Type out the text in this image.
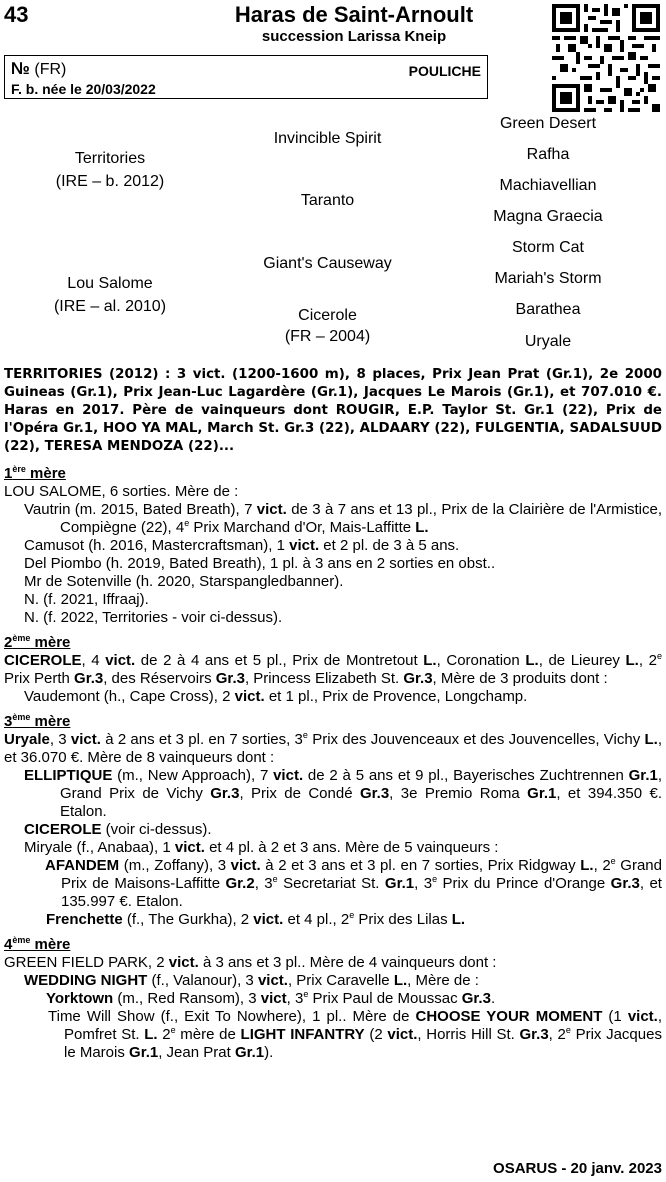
43	Haras de Saint-Arnoult
succession Larissa Kneip
№ (FR)	POULICHE
F. b. née le 20/03/2022
Territories
(IRE – b. 2012)
Lou Salome
(IRE – al. 2010)
Invincible Spirit
Taranto
Giant's Causeway
Cicerole
(FR – 2004)
Green Desert
Rafha
Machiavellian
Magna Graecia
Storm Cat
Mariah's Storm
Barathea
Uryale

TERRITORIES (2012) : 3 vict. (1200-1600 m), 8 places, Prix Jean Prat (Gr.1), 2e 2000 Guineas (Gr.1), Prix Jean-Luc Lagardère (Gr.1), Jacques Le Marois (Gr.1), et 707.010 €. Haras en 2017. Père de vainqueurs dont ROUGIR, E.P. Taylor St. Gr.1 (22), Prix de l'Opéra Gr.1, HOO YA MAL, March St. Gr.3 (22), ALDAARY (22), FULGENTIA, SADALSUUD (22), TERESA MENDOZA (22)...

1ère mère

LOU SALOME, 6 sorties. Mère de :

Vautrin (m. 2015, Bated Breath), 7 vict. de 3 à 7 ans et 13 pl., Prix de la Clairière de l'Armistice, Compiègne (22), 4e Prix Marchand d'Or, Mais-Laffitte L.

Camusot (h. 2016, Mastercraftsman), 1 vict. et 2 pl. de 3 à 5 ans.

Del Piombo (h. 2019, Bated Breath), 1 pl. à 3 ans en 2 sorties en obst..

Mr de Sotenville (h. 2020, Starspangledbanner).

N. (f. 2021, Iffraaj).

N. (f. 2022, Territories - voir ci-dessus).

2ème mère

CICEROLE, 4 vict. de 2 à 4 ans et 5 pl., Prix de Montretout L., Coronation L., de Lieurey L., 2e Prix Perth Gr.3, des Réservoirs Gr.3, Princess Elizabeth St. Gr.3, Mère de 3 produits dont :

Vaudemont (h., Cape Cross), 2 vict. et 1 pl., Prix de Provence, Longchamp.

3ème mère

Uryale, 3 vict. à 2 ans et 3 pl. en 7 sorties, 3e Prix des Jouvenceaux et des Jouvencelles, Vichy L., et 36.070 €. Mère de 8 vainqueurs dont :

ELLIPTIQUE (m., New Approach), 7 vict. de 2 à 5 ans et 9 pl., Bayerisches Zuchtrennen Gr.1, Grand Prix de Vichy Gr.3, Prix de Condé Gr.3, 3e Premio Roma Gr.1, et 394.350 €. Etalon.

CICEROLE (voir ci-dessus).

Miryale (f., Anabaa), 1 vict. et 4 pl. à 2 et 3 ans. Mère de 5 vainqueurs :

AFANDEM (m., Zoffany), 3 vict. à 2 et 3 ans et 3 pl. en 7 sorties, Prix Ridgway L., 2e Grand Prix de Maisons-Laffitte Gr.2, 3e Secretariat St. Gr.1, 3e Prix du Prince d'Orange Gr.3, et 135.997 €. Etalon.

Frenchette (f., The Gurkha), 2 vict. et 4 pl., 2e Prix des Lilas L.

4ème mère

GREEN FIELD PARK, 2 vict. à 3 ans et 3 pl.. Mère de 4 vainqueurs dont :

WEDDING NIGHT (f., Valanour), 3 vict., Prix Caravelle L., Mère de :

Yorktown (m., Red Ransom), 3 vict, 3e Prix Paul de Moussac Gr.3.

Time Will Show (f., Exit To Nowhere), 1 pl.. Mère de CHOOSE YOUR MOMENT (1 vict., Pomfret St. L. 2e mère de LIGHT INFANTRY (2 vict., Horris Hill St. Gr.3, 2e Prix Jacques le Marois Gr.1, Jean Prat Gr.1).

OSARUS - 20 janv. 2023
